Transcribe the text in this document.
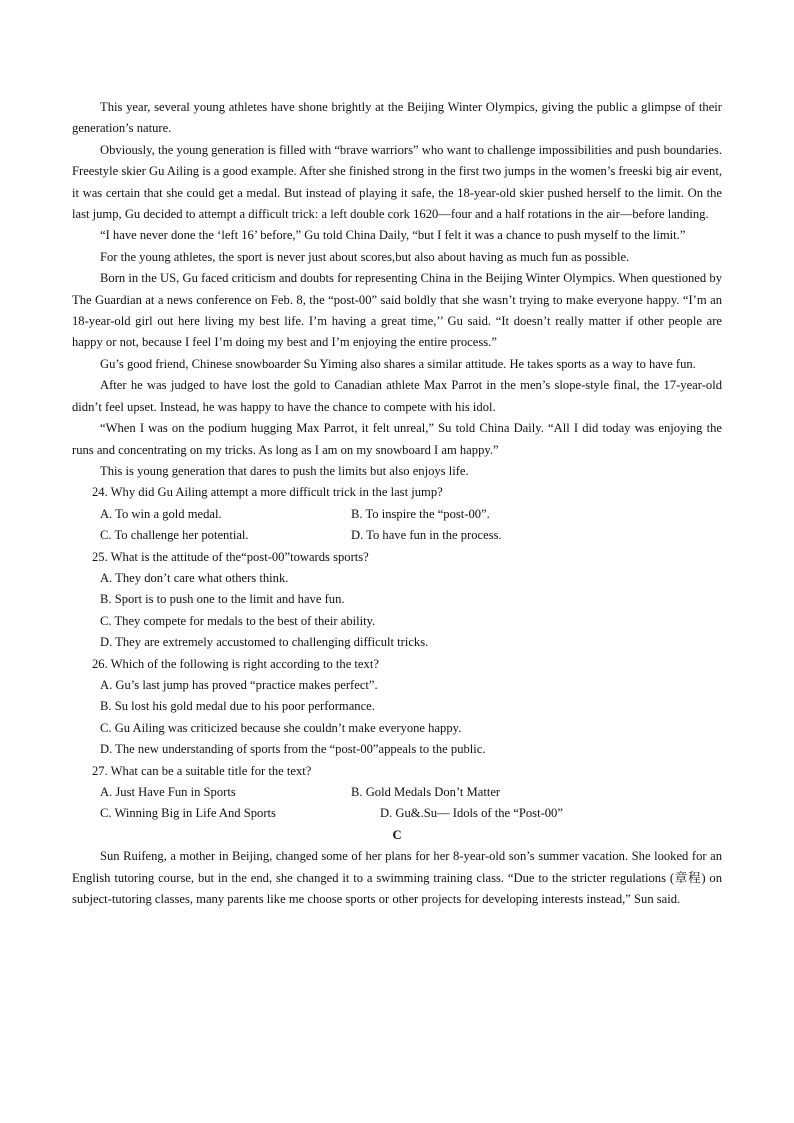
This year, several young athletes have shone brightly at the Beijing Winter Olympics, giving the public a glimpse of their generation’s nature.

Obviously, the young generation is filled with “brave warriors” who want to challenge impossibilities and push boundaries. Freestyle skier Gu Ailing is a good example. After she finished strong in the first two jumps in the women’s freeski big air event, it was certain that she could get a medal. But instead of playing it safe, the 18-year-old skier pushed herself to the limit. On the last jump, Gu decided to attempt a difficult trick: a left double cork 1620—four and a half rotations in the air—before landing.

“I have never done the ‘left 16’ before,” Gu told China Daily, “but I felt it was a chance to push myself to the limit.”

For the young athletes, the sport is never just about scores,but also about having as much fun as possible.

Born in the US, Gu faced criticism and doubts for representing China in the Beijing Winter Olympics. When questioned by The Guardian at a news conference on Feb. 8, the “post-00” said boldly that she wasn’t trying to make everyone happy. “I’m an 18-year-old girl out here living my best life. I’m having a great time,’’ Gu said. “It doesn’t really matter if other people are happy or not, because I feel I’m doing my best and I’m enjoying the entire process.”

Gu’s good friend, Chinese snowboarder Su Yiming also shares a similar attitude. He takes sports as a way to have fun.

After he was judged to have lost the gold to Canadian athlete Max Parrot in the men’s slope-style final, the 17-year-old didn’t feel upset. Instead, he was happy to have the chance to compete with his idol.

“When I was on the podium hugging Max Parrot, it felt unreal,” Su told China Daily. “All I did today was enjoying the runs and concentrating on my tricks. As long as I am on my snowboard I am happy.”

This is young generation that dares to push the limits but also enjoys life.

24. Why did Gu Ailing attempt a more difficult trick in the last jump?

A. To win a gold medal.	B. To inspire the “post-00”.
C. To challenge her potential.	D. To have fun in the process.

25. What is the attitude of the“post-00”towards sports?

A. They don’t care what others think.
B. Sport is to push one to the limit and have fun.
C. They compete for medals to the best of their ability.
D. They are extremely accustomed to challenging difficult tricks.

26. Which of the following is right according to the text?

A. Gu’s last jump has proved “practice makes perfect”.
B. Su lost his gold medal due to his poor performance.
C. Gu Ailing was criticized because she couldn’t make everyone happy.
D. The new understanding of sports from the “post-00”appeals to the public.

27. What can be a suitable title for the text?

A. Just Have Fun in Sports	B. Gold Medals Don’t Matter
C. Winning Big in Life And Sports	D. Gu&.Su— Idols of the “Post-00”

C

Sun Ruifeng, a mother in Beijing, changed some of her plans for her 8-year-old son’s summer vacation. She looked for an English tutoring course, but in the end, she changed it to a swimming training class. “Due to the stricter regulations (章程) on subject-tutoring classes, many parents like me choose sports or other projects for developing interests instead,” Sun said.
